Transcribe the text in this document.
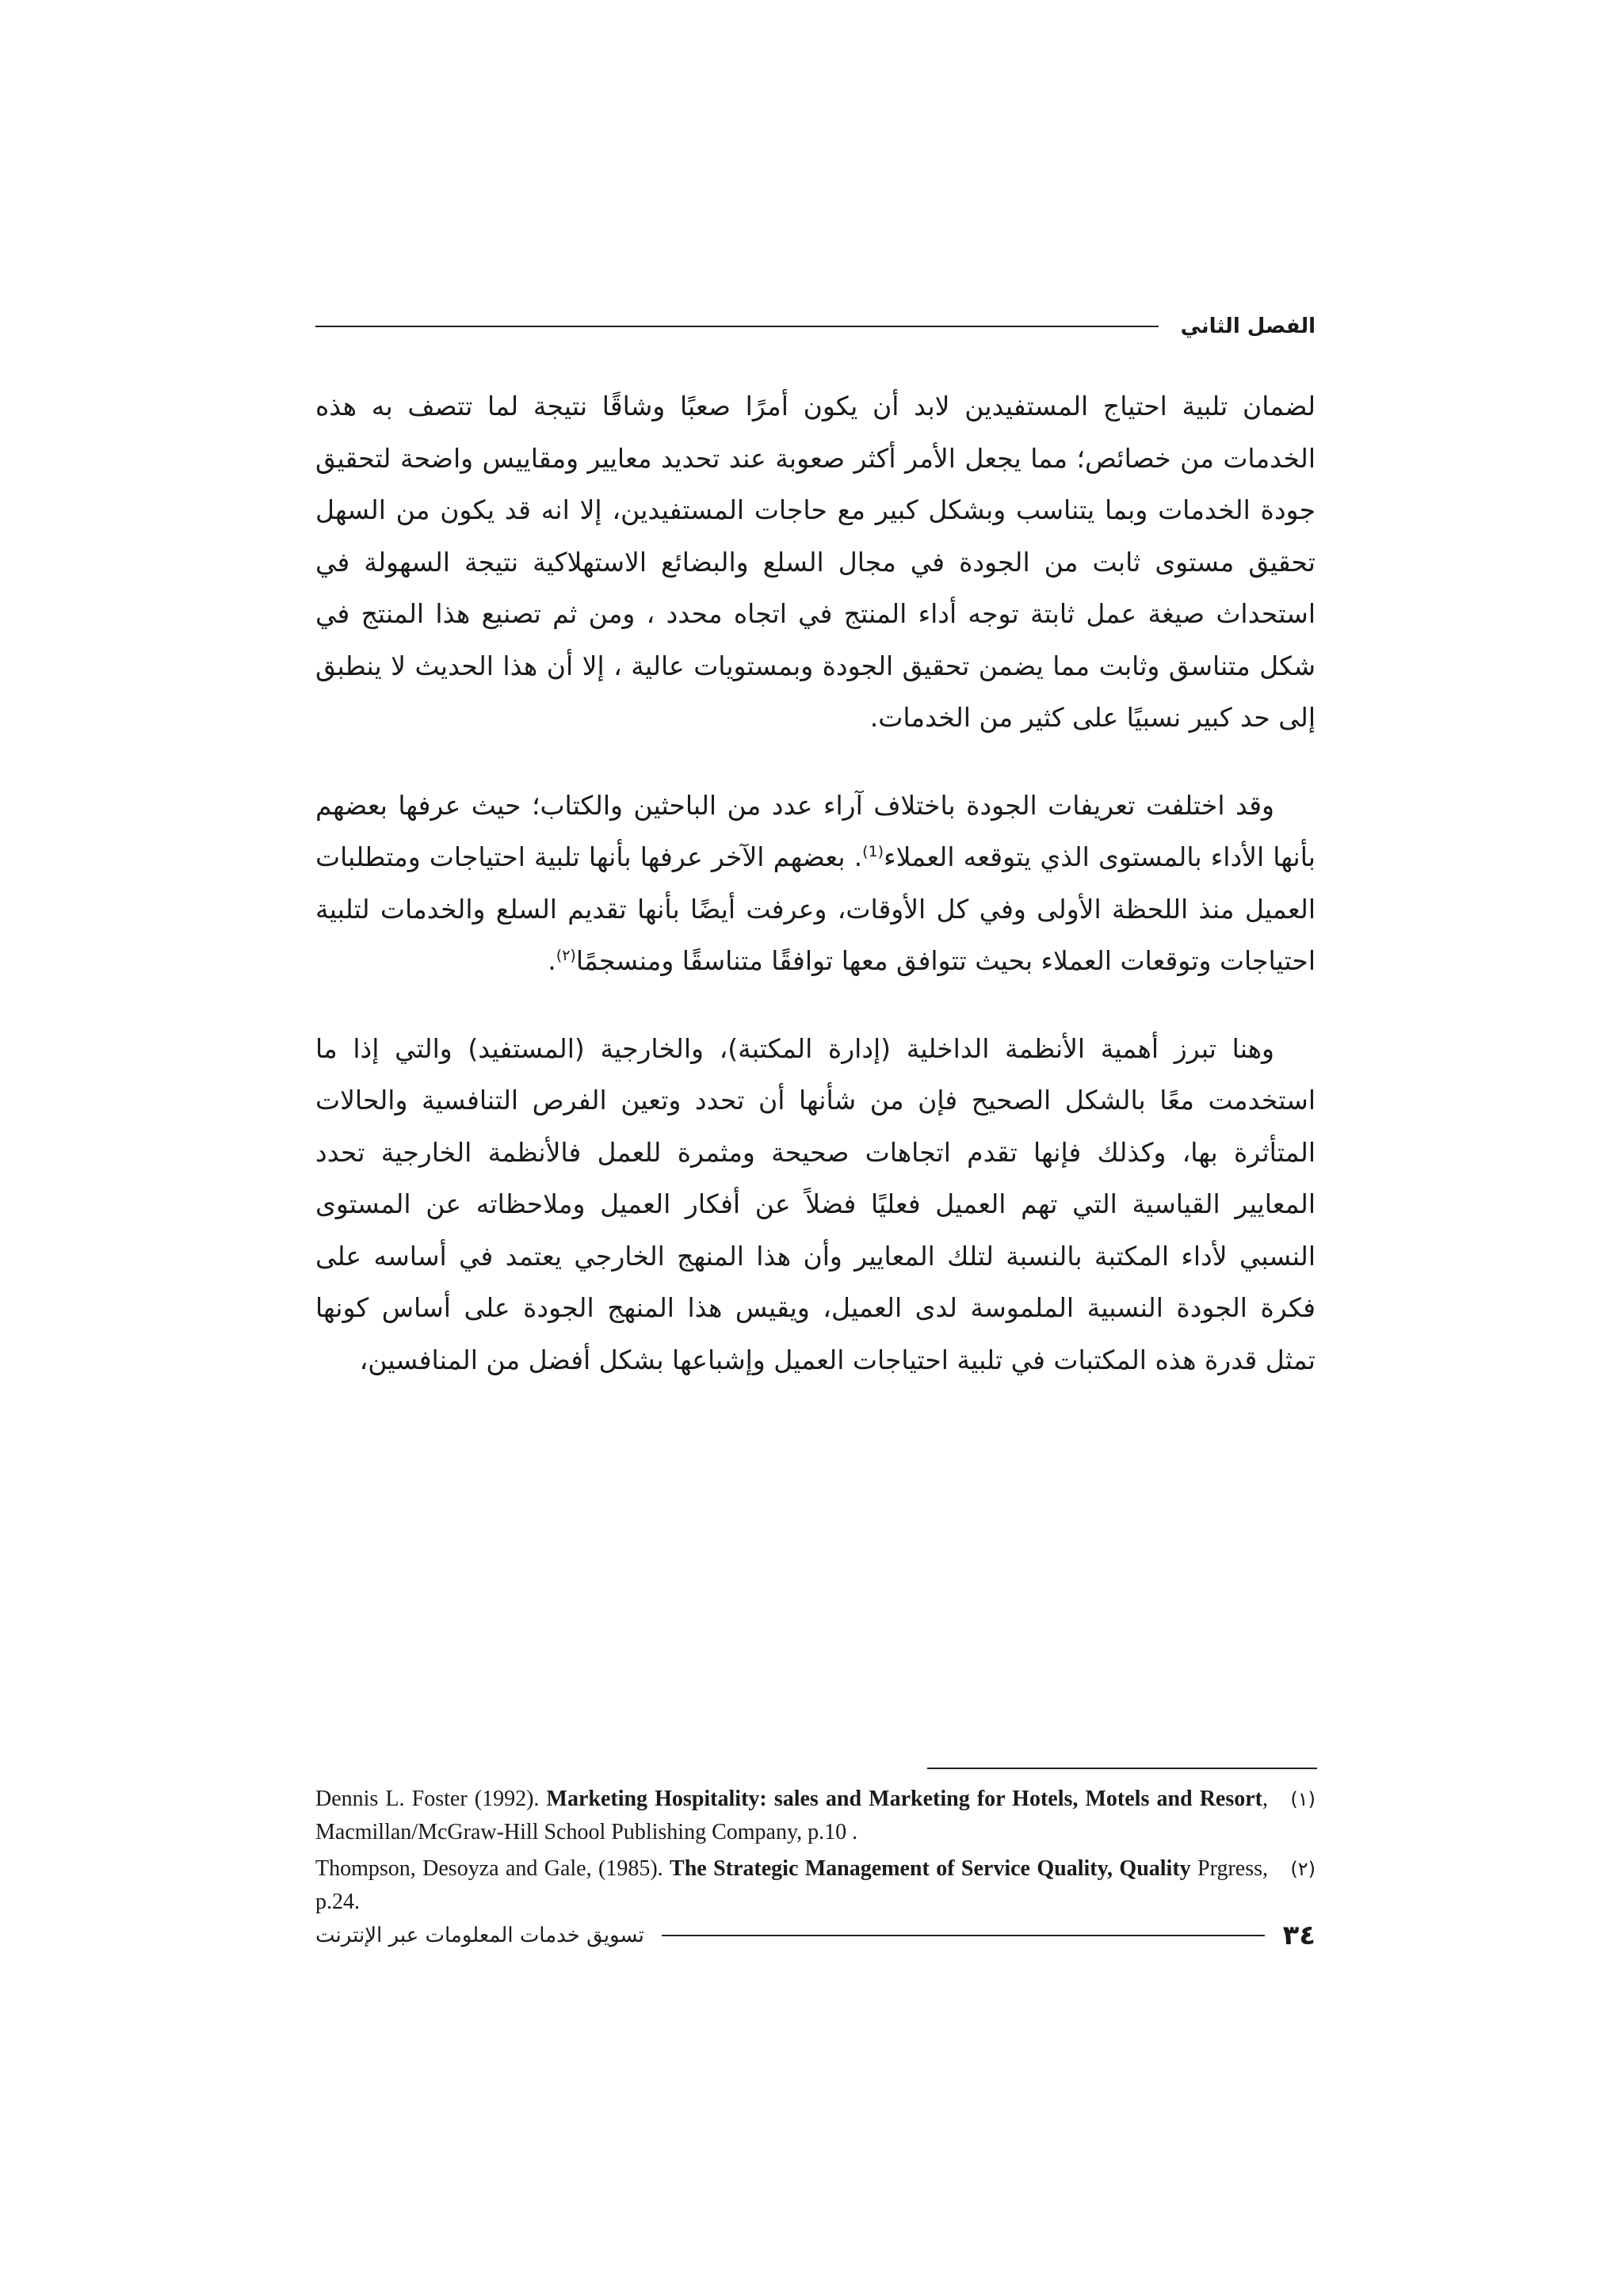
الفصل الثاني

لضمان تلبية احتياج المستفيدين لابد أن يكون أمرًا صعبًا وشاقًا نتيجة لما تتصف به هذه الخدمات من خصائص؛ مما يجعل الأمر أكثر صعوبة عند تحديد معايير ومقاييس واضحة لتحقيق جودة الخدمات وبما يتناسب وبشكل كبير مع حاجات المستفيدين، إلا انه قد يكون من السهل تحقيق مستوى ثابت من الجودة في مجال السلع والبضائع الاستهلاكية نتيجة السهولة في استحداث صيغة عمل ثابتة توجه أداء المنتج في اتجاه محدد ، ومن ثم تصنيع هذا المنتج في شكل متناسق وثابت مما يضمن تحقيق الجودة وبمستويات عالية ، إلا أن هذا الحديث لا ينطبق إلى حد كبير نسبيًا على كثير من الخدمات.

وقد اختلفت تعريفات الجودة باختلاف آراء عدد من الباحثين والكتاب؛ حيث عرفها بعضهم بأنها الأداء بالمستوى الذي يتوقعه العملاء$^{(1)}$. بعضهم الآخر عرفها بأنها تلبية احتياجات ومتطلبات العميل منذ اللحظة الأولى وفي كل الأوقات، وعرفت أيضًا بأنها تقديم السلع والخدمات لتلبية احتياجات وتوقعات العملاء بحيث تتوافق معها توافقًا متناسقًا ومنسجمًا$^{(٢)}$.

وهنا تبرز أهمية الأنظمة الداخلية (إدارة المكتبة)، والخارجية (المستفيد) والتي إذا ما استخدمت معًا بالشكل الصحيح فإن من شأنها أن تحدد وتعين الفرص التنافسية والحالات المتأثرة بها، وكذلك فإنها تقدم اتجاهات صحيحة ومثمرة للعمل فالأنظمة الخارجية تحدد المعايير القياسية التي تهم العميل فعليًا فضلاً عن أفكار العميل وملاحظاته عن المستوى النسبي لأداء المكتبة بالنسبة لتلك المعايير وأن هذا المنهج الخارجي يعتمد في أساسه على فكرة الجودة النسبية الملموسة لدى العميل، ويقيس هذا المنهج الجودة على أساس كونها تمثل قدرة هذه المكتبات في تلبية احتياجات العميل وإشباعها بشكل أفضل من المنافسين،

(١)
Dennis L. Foster (1992). Marketing Hospitality: sales and Marketing for Hotels, Motels and Resort, Macmillan/McGraw-Hill School Publishing Company, p.10 .

(٢)
Thompson, Desoyza and Gale, (1985). The Strategic Management of Service Quality, Quality Prgress, p.24.

تسويق خدمات المعلومات عبر الإنترنت	٣٤
